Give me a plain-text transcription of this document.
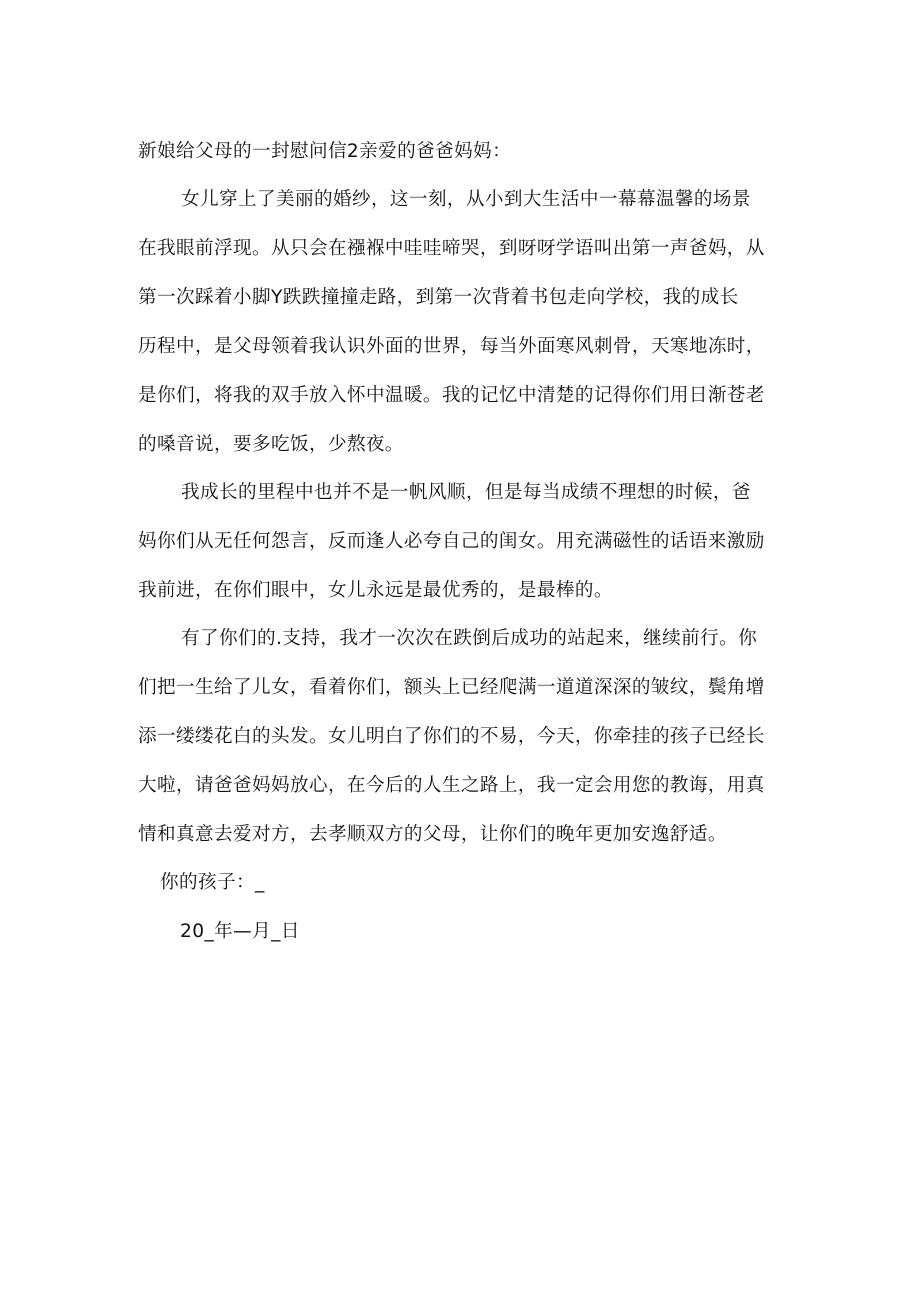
新娘给父母的一封慰问信2亲爱的爸爸妈妈：
女儿穿上了美丽的婚纱，这一刻，从小到大生活中一幕幕温馨的场景
在我眼前浮现。从只会在襁褓中哇哇啼哭，到呀呀学语叫出第一声爸妈，从
第一次踩着小脚Y跌跌撞撞走路，到第一次背着书包走向学校，我的成长
历程中，是父母领着我认识外面的世界，每当外面寒风刺骨，天寒地冻时，
是你们，将我的双手放入怀中温暖。我的记忆中清楚的记得你们用日渐苍老
的嗓音说，要多吃饭，少熬夜。
我成长的里程中也并不是一帆风顺，但是每当成绩不理想的时候，爸
妈你们从无任何怨言，反而逢人必夸自己的闺女。用充满磁性的话语来激励
我前进，在你们眼中，女儿永远是最优秀的，是最棒的。
有了你们的.支持，我才一次次在跌倒后成功的站起来，继续前行。你
们把一生给了儿女，看着你们，额头上已经爬满一道道深深的皱纹，鬓角增
添一缕缕花白的头发。女儿明白了你们的不易，今天，你牵挂的孩子已经长
大啦，请爸爸妈妈放心，在今后的人生之路上，我一定会用您的教诲，用真
情和真意去爱对方，去孝顺双方的父母，让你们的晚年更加安逸舒适。
你的孩子：_
20_年—月_日
